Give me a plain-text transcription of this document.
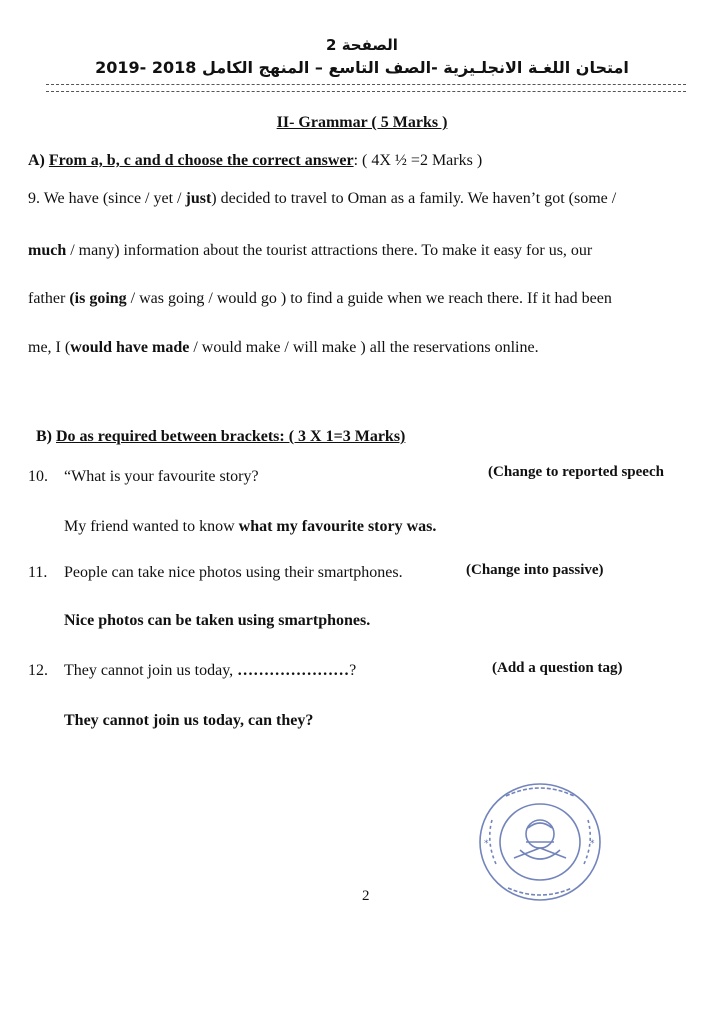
الصفحة 2
امتحان اللغـة الانجلـيزية -الصف التاسع – المنهج الكامل 2018 -2019
II- Grammar ( 5 Marks )
A) From a, b, c and d choose the correct answer: ( 4X ½ =2 Marks )
9. We have (since / yet / just) decided to travel to Oman as a family. We haven’t got (some /
much / many) information about the tourist attractions there. To make it easy for us, our
father (is going / was going / would go ) to find a guide when we reach there. If it had been
me, I (would have made / would make / will make ) all the reservations online.
B) Do as required between brackets: ( 3 X 1=3 Marks)
10. “What is your favourite story?	(Change to reported speech
My friend wanted to know what my favourite story was.
11. People can take nice photos using their smartphones.	(Change into passive)
Nice photos can be taken using smartphones.
12. They cannot join us today, …………………?	(Add a question tag)
They cannot join us today, can they?
*	*
2
